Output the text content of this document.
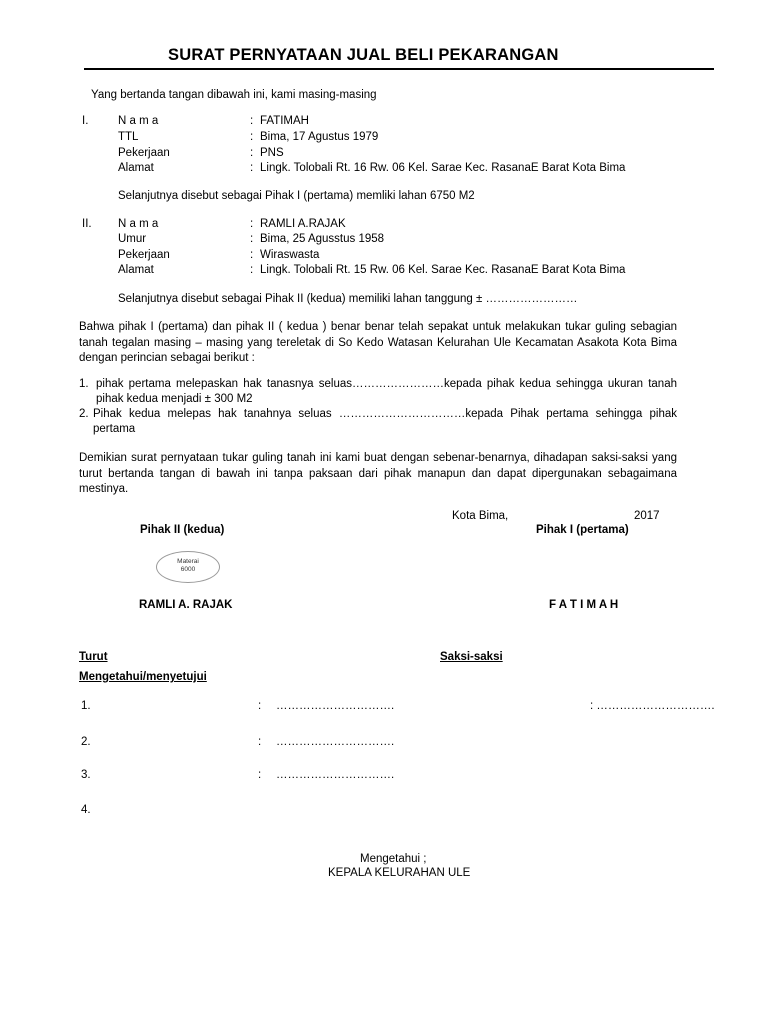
SURAT PERNYATAAN JUAL BELI PEKARANGAN
Yang bertanda tangan dibawah ini, kami masing-masing
I.	N a m a	: FATIMAH
TTL	: Bima, 17 Agustus 1979
Pekerjaan	: PNS
Alamat	: Lingk. Tolobali Rt. 16 Rw. 06 Kel. Sarae Kec. RasanaE Barat Kota Bima
Selanjutnya disebut sebagai Pihak I (pertama) memliki lahan 6750 M2
II. N a m a	: RAMLI A.RAJAK
Umur	: Bima, 25 Agusstus 1958
Pekerjaan	: Wiraswasta
Alamat	: Lingk. Tolobali Rt. 15 Rw. 06 Kel. Sarae Kec. RasanaE Barat Kota Bima
Selanjutnya disebut sebagai Pihak II (kedua) memiliki lahan tanggung ± ……………………
Bahwa pihak I (pertama) dan pihak II ( kedua ) benar benar telah sepakat untuk melakukan tukar guling sebagian tanah tegalan masing – masing yang tereletak di So Kedo Watasan Kelurahan Ule Kecamatan Asakota Kota Bima dengan perincian sebagai berikut :
1. pihak pertama melepaskan hak tanasnya seluas……………………kepada pihak kedua sehingga ukuran tanah pihak kedua menjadi ± 300 M2
2. Pihak kedua melepas hak tanahnya seluas ……………………………kepada Pihak pertama sehingga pihak pertama
Demikian surat pernyataan tukar guling tanah ini kami buat dengan sebenar-benarnya, dihadapan saksi-saksi yang turut bertanda tangan di bawah ini tanpa paksaan dari pihak manapun dan dapat dipergunakan sebagaimana mestinya.
Kota Bima,	2017
Pihak II (kedua)	Pihak I (pertama)
Materai
6000
RAMLI A. RAJAK	F A T I M A H
Turut	Saksi-saksi
Mengetahui/menyetujui
1.	: ………………………….	: ………………………….
2.	: ………………………….
3.	: ………………………….
4.
Mengetahui ;
KEPALA KELURAHAN ULE
